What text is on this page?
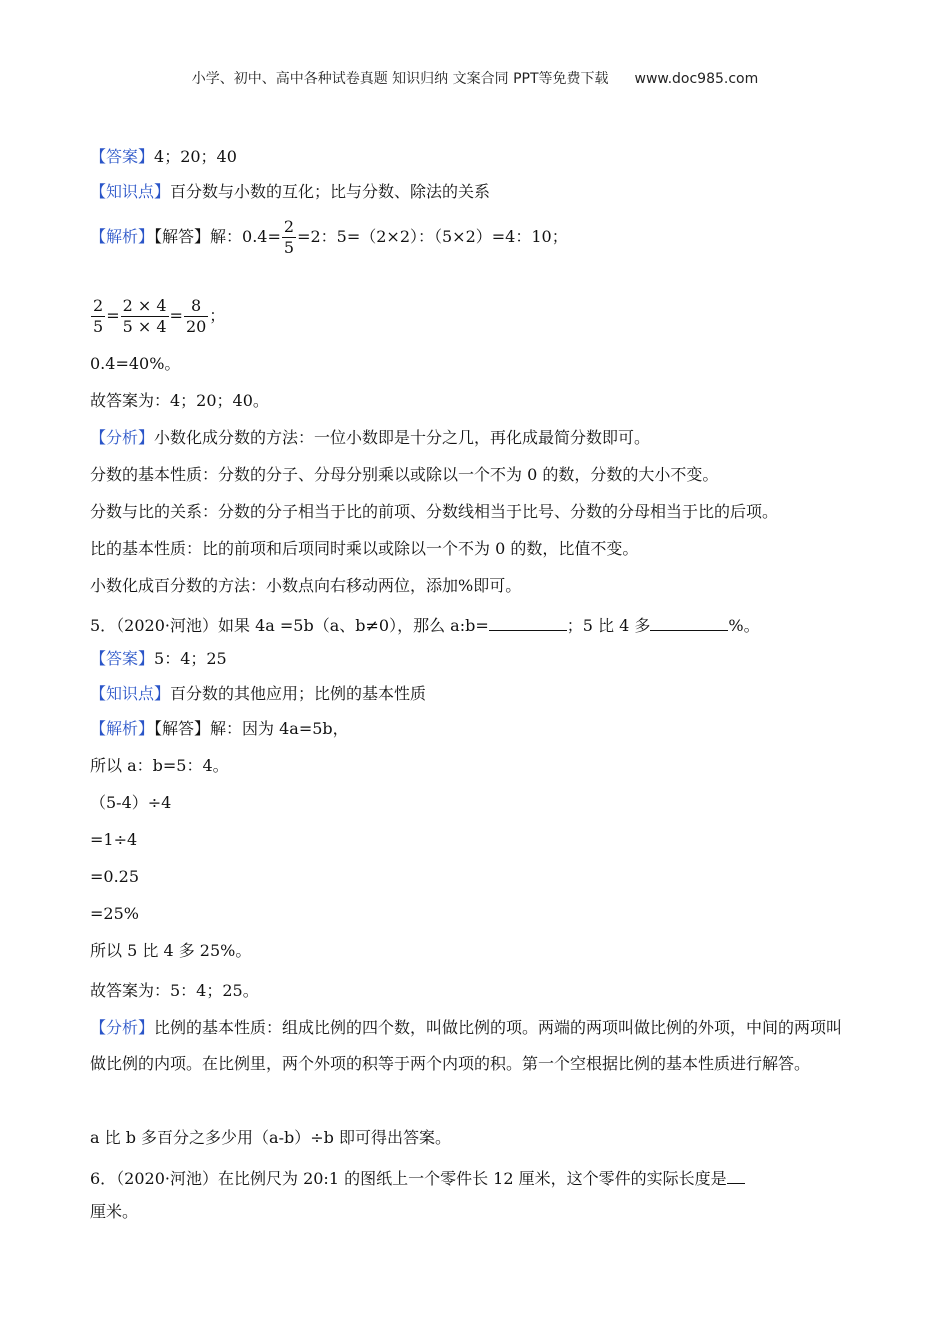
小学、初中、高中各种试卷真题 知识归纳 文案合同 PPT等免费下载 www.doc985.com
【答案】4；20；40
【知识点】百分数与小数的互化；比与分数、除法的关系
【解析】【解答】解：$0.4= \frac{2}{5} =2$：5=（2×2）：（5×2）=4：10；
$\frac{2}{5} = \frac{2 \times 4}{5 \times 4} = \frac{8}{20}$ ；
0.4=40%。
故答案为：4；20；40。
【分析】小数化成分数的方法：一位小数即是十分之几，再化成最简分数即可。
分数的基本性质：分数的分子、分母分别乘以或除以一个不为 0 的数，分数的大小不变。
分数与比的关系：分数的分子相当于比的前项、分数线相当于比号、分数的分母相当于比的后项。
比的基本性质：比的前项和后项同时乘以或除以一个不为 0 的数，比值不变。
小数化成百分数的方法：小数点向右移动两位，添加%即可。
5．（2020·河池）如果 4a =5b（a、b≠0），那么 a:b=	；5 比 4 多	%。
【答案】5：4；25
【知识点】百分数的其他应用；比例的基本性质
【解析】【解答】解：因为 4a=5b，
所以 a：b=5：4。
（5-4）÷4
=1÷4
=0.25
=25%
所以 5 比 4 多 25%。
故答案为：5：4；25。
【分析】比例的基本性质：组成比例的四个数，叫做比例的项。两端的两项叫做比例的外项，中间的两项叫做比例的内项。在比例里，两个外项的积等于两个内项的积。第一个空根据比例的基本性质进行解答。
a 比 b 多百分之多少用（a-b）÷b 即可得出答案。
6．（2020·河池）在比例尺为 20:1 的图纸上一个零件长 12 厘米，这个零件的实际长度是
厘米。
